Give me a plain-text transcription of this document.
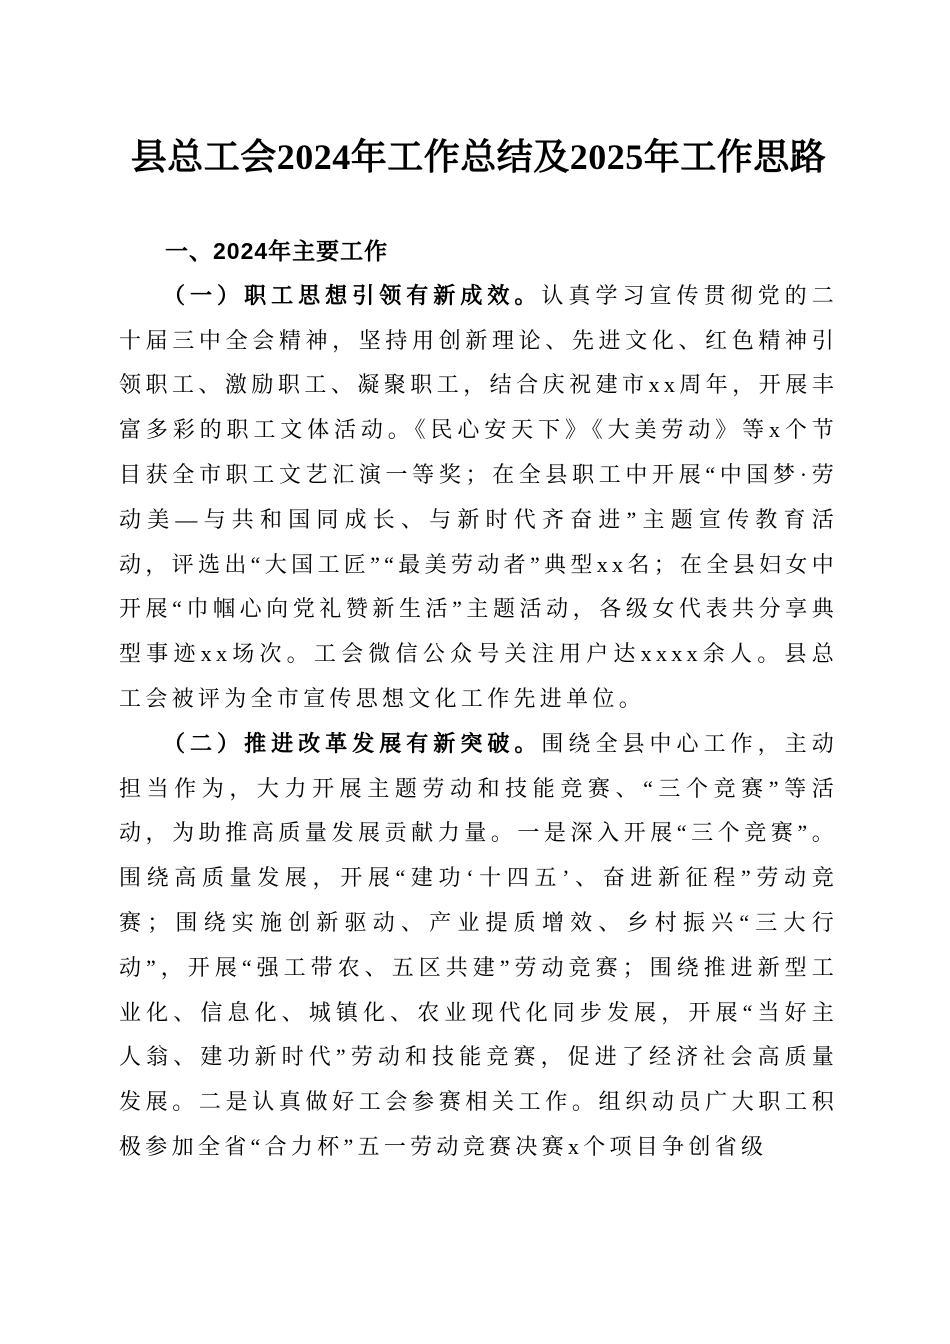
县总工会2024年工作总结及2025年工作思路
一、2024年主要工作

（一）职工思想引领有新成效。认真学习宣传贯彻党的二十届三中全会精神，坚持用创新理论、先进文化、红色精神引领职工、激励职工、凝聚职工，结合庆祝建市xx周年，开展丰富多彩的职工文体活动。《民心安天下》《大美劳动》等x个节目获全市职工文艺汇演一等奖；在全县职工中开展“中国梦·劳动美—与共和国同成长、与新时代齐奋进”主题宣传教育活动，评选出“大国工匠”“最美劳动者”典型xx名；在全县妇女中开展“巾帼心向党礼赞新生活”主题活动，各级女代表共分享典型事迹xx场次。工会微信公众号关注用户达xxxx余人。县总工会被评为全市宣传思想文化工作先进单位。

（二）推进改革发展有新突破。围绕全县中心工作，主动担当作为，大力开展主题劳动和技能竞赛、“三个竞赛”等活动，为助推高质量发展贡献力量。一是深入开展“三个竞赛”。围绕高质量发展，开展“建功‘十四五’、奋进新征程”劳动竞赛；围绕实施创新驱动、产业提质增效、乡村振兴“三大行动”，开展“强工带农、五区共建”劳动竞赛；围绕推进新型工业化、信息化、城镇化、农业现代化同步发展，开展“当好主人翁、建功新时代”劳动和技能竞赛，促进了经济社会高质量发展。二是认真做好工会参赛相关工作。组织动员广大职工积极参加全省“合力杯”五一劳动竞赛决赛x个项目争创省级
